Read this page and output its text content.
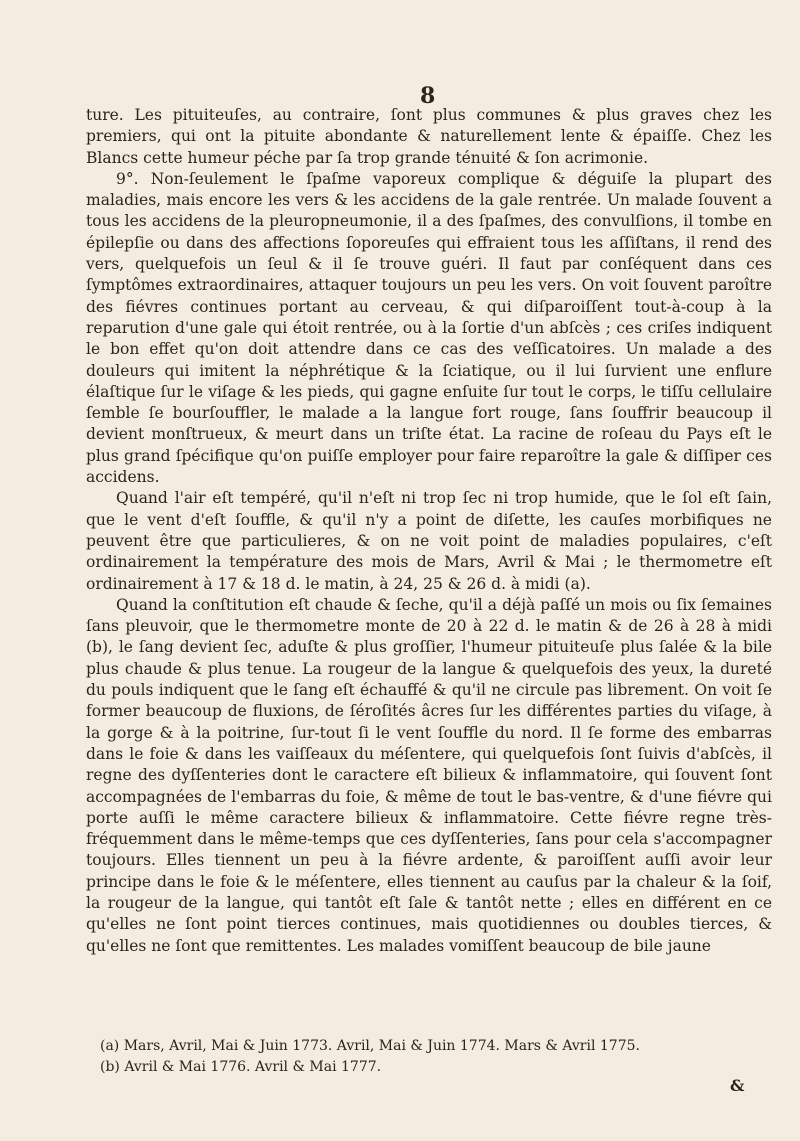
8

ture. Les pituiteuſes, au contraire, ſont plus communes & plus graves chez les premiers, qui ont la pituite abondante & naturellement lente & épaiſſe. Chez les Blancs cette humeur péche par ſa trop grande ténuité & ſon acrimonie.

9°. Non-ſeulement le ſpaſme vaporeux complique & déguiſe la plupart des maladies, mais encore les vers & les accidens de la gale rentrée. Un malade ſouvent a tous les accidens de la pleuropneumonie, il a des ſpaſmes, des convulſions, il tombe en épilepſie ou dans des affections ſoporeuſes qui effraient tous les aſſiſtans, il rend des vers, quelquefois un ſeul & il ſe trouve guéri. Il faut par conſéquent dans ces ſymptômes extraordinaires, attaquer toujours un peu les vers. On voit ſouvent paroître des fiévres continues portant au cerveau, & qui diſparoiſſent tout-à-coup à la reparution d'une gale qui étoit rentrée, ou à la ſortie d'un abſcès ; ces criſes indiquent le bon effet qu'on doit attendre dans ce cas des veſſicatoires. Un malade a des douleurs qui imitent la néphrétique & la ſciatique, ou il lui ſurvient une enflure élaſtique ſur le viſage & les pieds, qui gagne enſuite ſur tout le corps, le tiſſu cellulaire ſemble ſe bourſouffler, le malade a la langue fort rouge, ſans ſouffrir beaucoup il devient monſtrueux, & meurt dans un triſte état. La racine de roſeau du Pays eſt le plus grand ſpécifique qu'on puiſſe employer pour faire reparoître la gale & diſſiper ces accidens.

Quand l'air eſt tempéré, qu'il n'eſt ni trop ſec ni trop humide, que le ſol eſt ſain, que le vent d'eſt ſouffle, & qu'il n'y a point de diſette, les cauſes morbifiques ne peuvent être que particulieres, & on ne voit point de maladies populaires, c'eſt ordinairement la température des mois de Mars, Avril & Mai ; le thermometre eſt ordinairement à 17 & 18 d. le matin, à 24, 25 & 26 d. à midi (a).

Quand la conſtitution eſt chaude & ſeche, qu'il a déjà paſſé un mois ou ſix ſemaines ſans pleuvoir, que le thermometre monte de 20 à 22 d. le matin & de 26 à 28 à midi (b), le ſang devient ſec, aduſte & plus groſſier, l'humeur pituiteuſe plus ſalée & la bile plus chaude & plus tenue. La rougeur de la langue & quelquefois des yeux, la dureté du pouls indiquent que le ſang eſt échauffé & qu'il ne circule pas librement. On voit ſe former beaucoup de fluxions, de ſéroſités âcres ſur les différentes parties du viſage, à la gorge & à la poitrine, ſur-tout ſi le vent ſouffle du nord. Il ſe forme des embarras dans le foie & dans les vaiſſeaux du méſentere, qui quelquefois ſont ſuivis d'abſcès, il regne des dyſſenteries dont le caractere eſt bilieux & inflammatoire, qui ſouvent ſont accompagnées de l'embarras du foie, & même de tout le bas-ventre, & d'une fiévre qui porte auſſi le même caractere bilieux & inflammatoire. Cette fiévre regne très-fréquemment dans le même-temps que ces dyſſenteries, ſans pour cela s'accompagner toujours. Elles tiennent un peu à la fiévre ardente, & paroiſſent auſſi avoir leur principe dans le foie & le méſentere, elles tiennent au cauſus par la chaleur & la ſoif, la rougeur de la langue, qui tantôt eſt ſale & tantôt nette ; elles en différent en ce qu'elles ne ſont point tierces continues, mais quotidiennes ou doubles tierces, & qu'elles ne ſont que remittentes. Les malades vomiſſent beaucoup de bile jaune

(a) Mars, Avril, Mai & Juin 1773. Avril, Mai & Juin 1774. Mars & Avril 1775.
(b) Avril & Mai 1776. Avril & Mai 1777.
&
